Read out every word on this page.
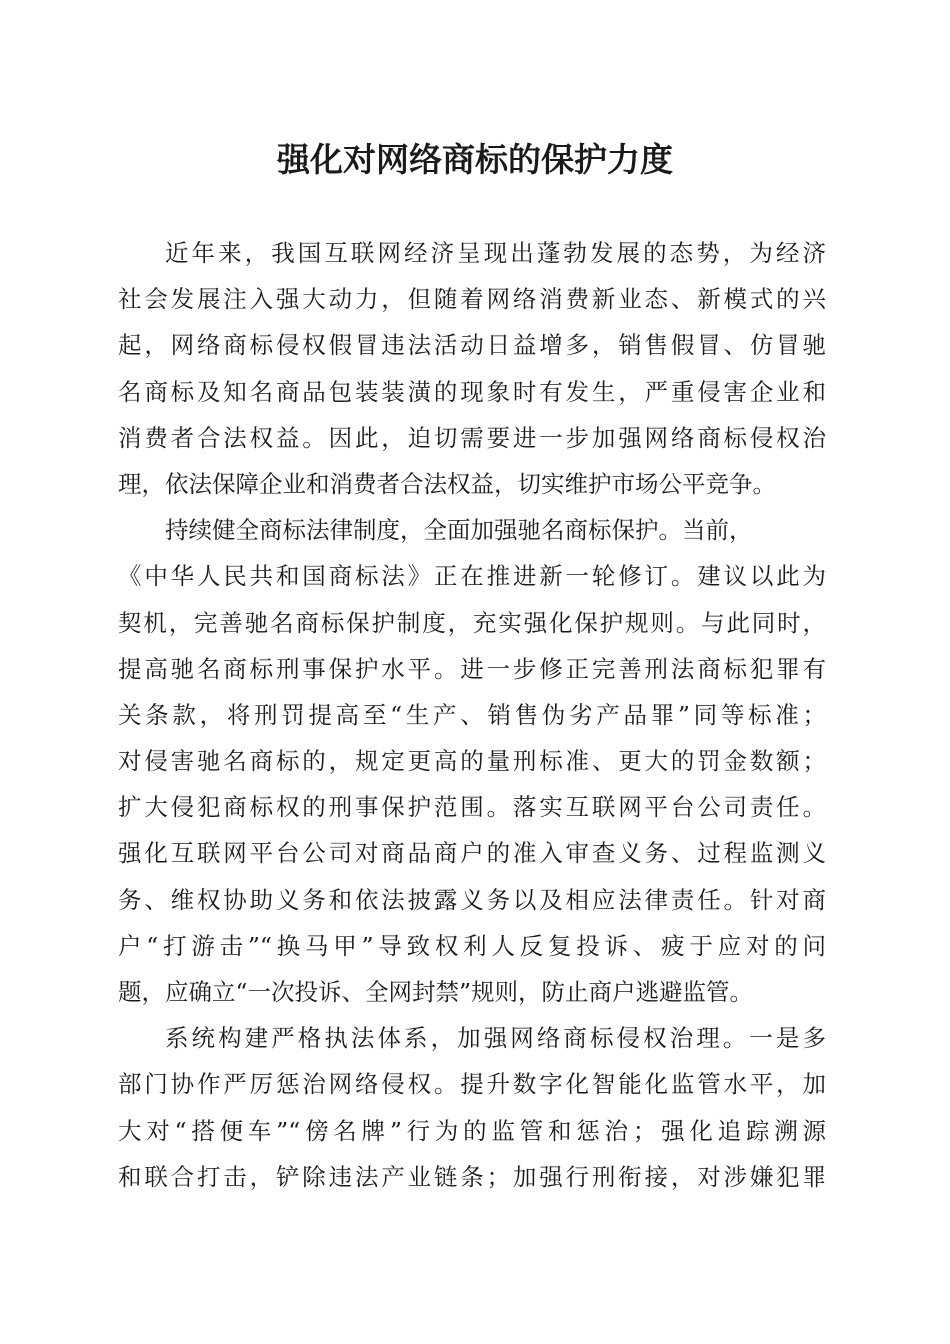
强化对网络商标的保护力度
近年来，我国互联网经济呈现出蓬勃发展的态势，为经济
社会发展注入强大动力，但随着网络消费新业态、新模式的兴
起，网络商标侵权假冒违法活动日益增多，销售假冒、仿冒驰
名商标及知名商品包装装潢的现象时有发生，严重侵害企业和
消费者合法权益。因此，迫切需要进一步加强网络商标侵权治
理，依法保障企业和消费者合法权益，切实维护市场公平竞争。
持续健全商标法律制度，全面加强驰名商标保护。当前，
《中华人民共和国商标法》正在推进新一轮修订。建议以此为
契机，完善驰名商标保护制度，充实强化保护规则。与此同时，
提高驰名商标刑事保护水平。进一步修正完善刑法商标犯罪有
关条款，将刑罚提高至“生产、销售伪劣产品罪”同等标准；
对侵害驰名商标的，规定更高的量刑标准、更大的罚金数额；
扩大侵犯商标权的刑事保护范围。落实互联网平台公司责任。
强化互联网平台公司对商品商户的准入审查义务、过程监测义
务、维权协助义务和依法披露义务以及相应法律责任。针对商
户“打游击”“换马甲”导致权利人反复投诉、疲于应对的问
题，应确立“一次投诉、全网封禁”规则，防止商户逃避监管。
系统构建严格执法体系，加强网络商标侵权治理。一是多
部门协作严厉惩治网络侵权。提升数字化智能化监管水平，加
大对“搭便车”“傍名牌”行为的监管和惩治；强化追踪溯源
和联合打击，铲除违法产业链条；加强行刑衔接，对涉嫌犯罪
